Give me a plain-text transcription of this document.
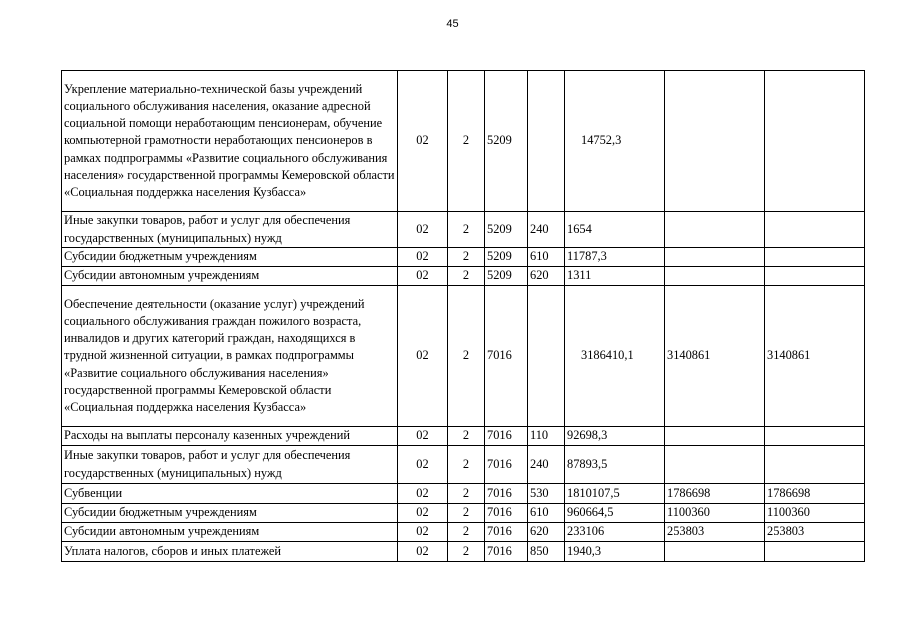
45
Укрепление материально-технической базы учреждений социального обслуживания населения, оказание адресной социальной помощи неработающим пенсионерам, обучение компьютерной грамотности неработающих пенсионеров в рамках подпрограммы «Развитие социального обслуживания населения» государственной программы Кемеровской области «Социальная поддержка населения Кузбасса»	02	2	5209		14752,3		
Иные закупки товаров, работ и услуг для обеспечения государственных (муниципальных) нужд	02	2	5209	240	1654		
Субсидии бюджетным учреждениям	02	2	5209	610	11787,3		
Субсидии автономным учреждениям	02	2	5209	620	1311		
Обеспечение деятельности (оказание услуг) учреждений социального обслуживания граждан пожилого возраста, инвалидов и других категорий граждан, находящихся в трудной жизненной ситуации, в рамках подпрограммы «Развитие социального обслуживания населения» государственной программы Кемеровской области «Социальная поддержка населения Кузбасса»	02	2	7016		3186410,1	3140861	3140861
Расходы на выплаты персоналу казенных учреждений	02	2	7016	110	92698,3		
Иные закупки товаров, работ и услуг для обеспечения государственных (муниципальных) нужд	02	2	7016	240	87893,5		
Субвенции	02	2	7016	530	1810107,5	1786698	1786698
Субсидии бюджетным учреждениям	02	2	7016	610	960664,5	1100360	1100360
Субсидии автономным учреждениям	02	2	7016	620	233106	253803	253803
Уплата налогов, сборов и иных платежей	02	2	7016	850	1940,3		
